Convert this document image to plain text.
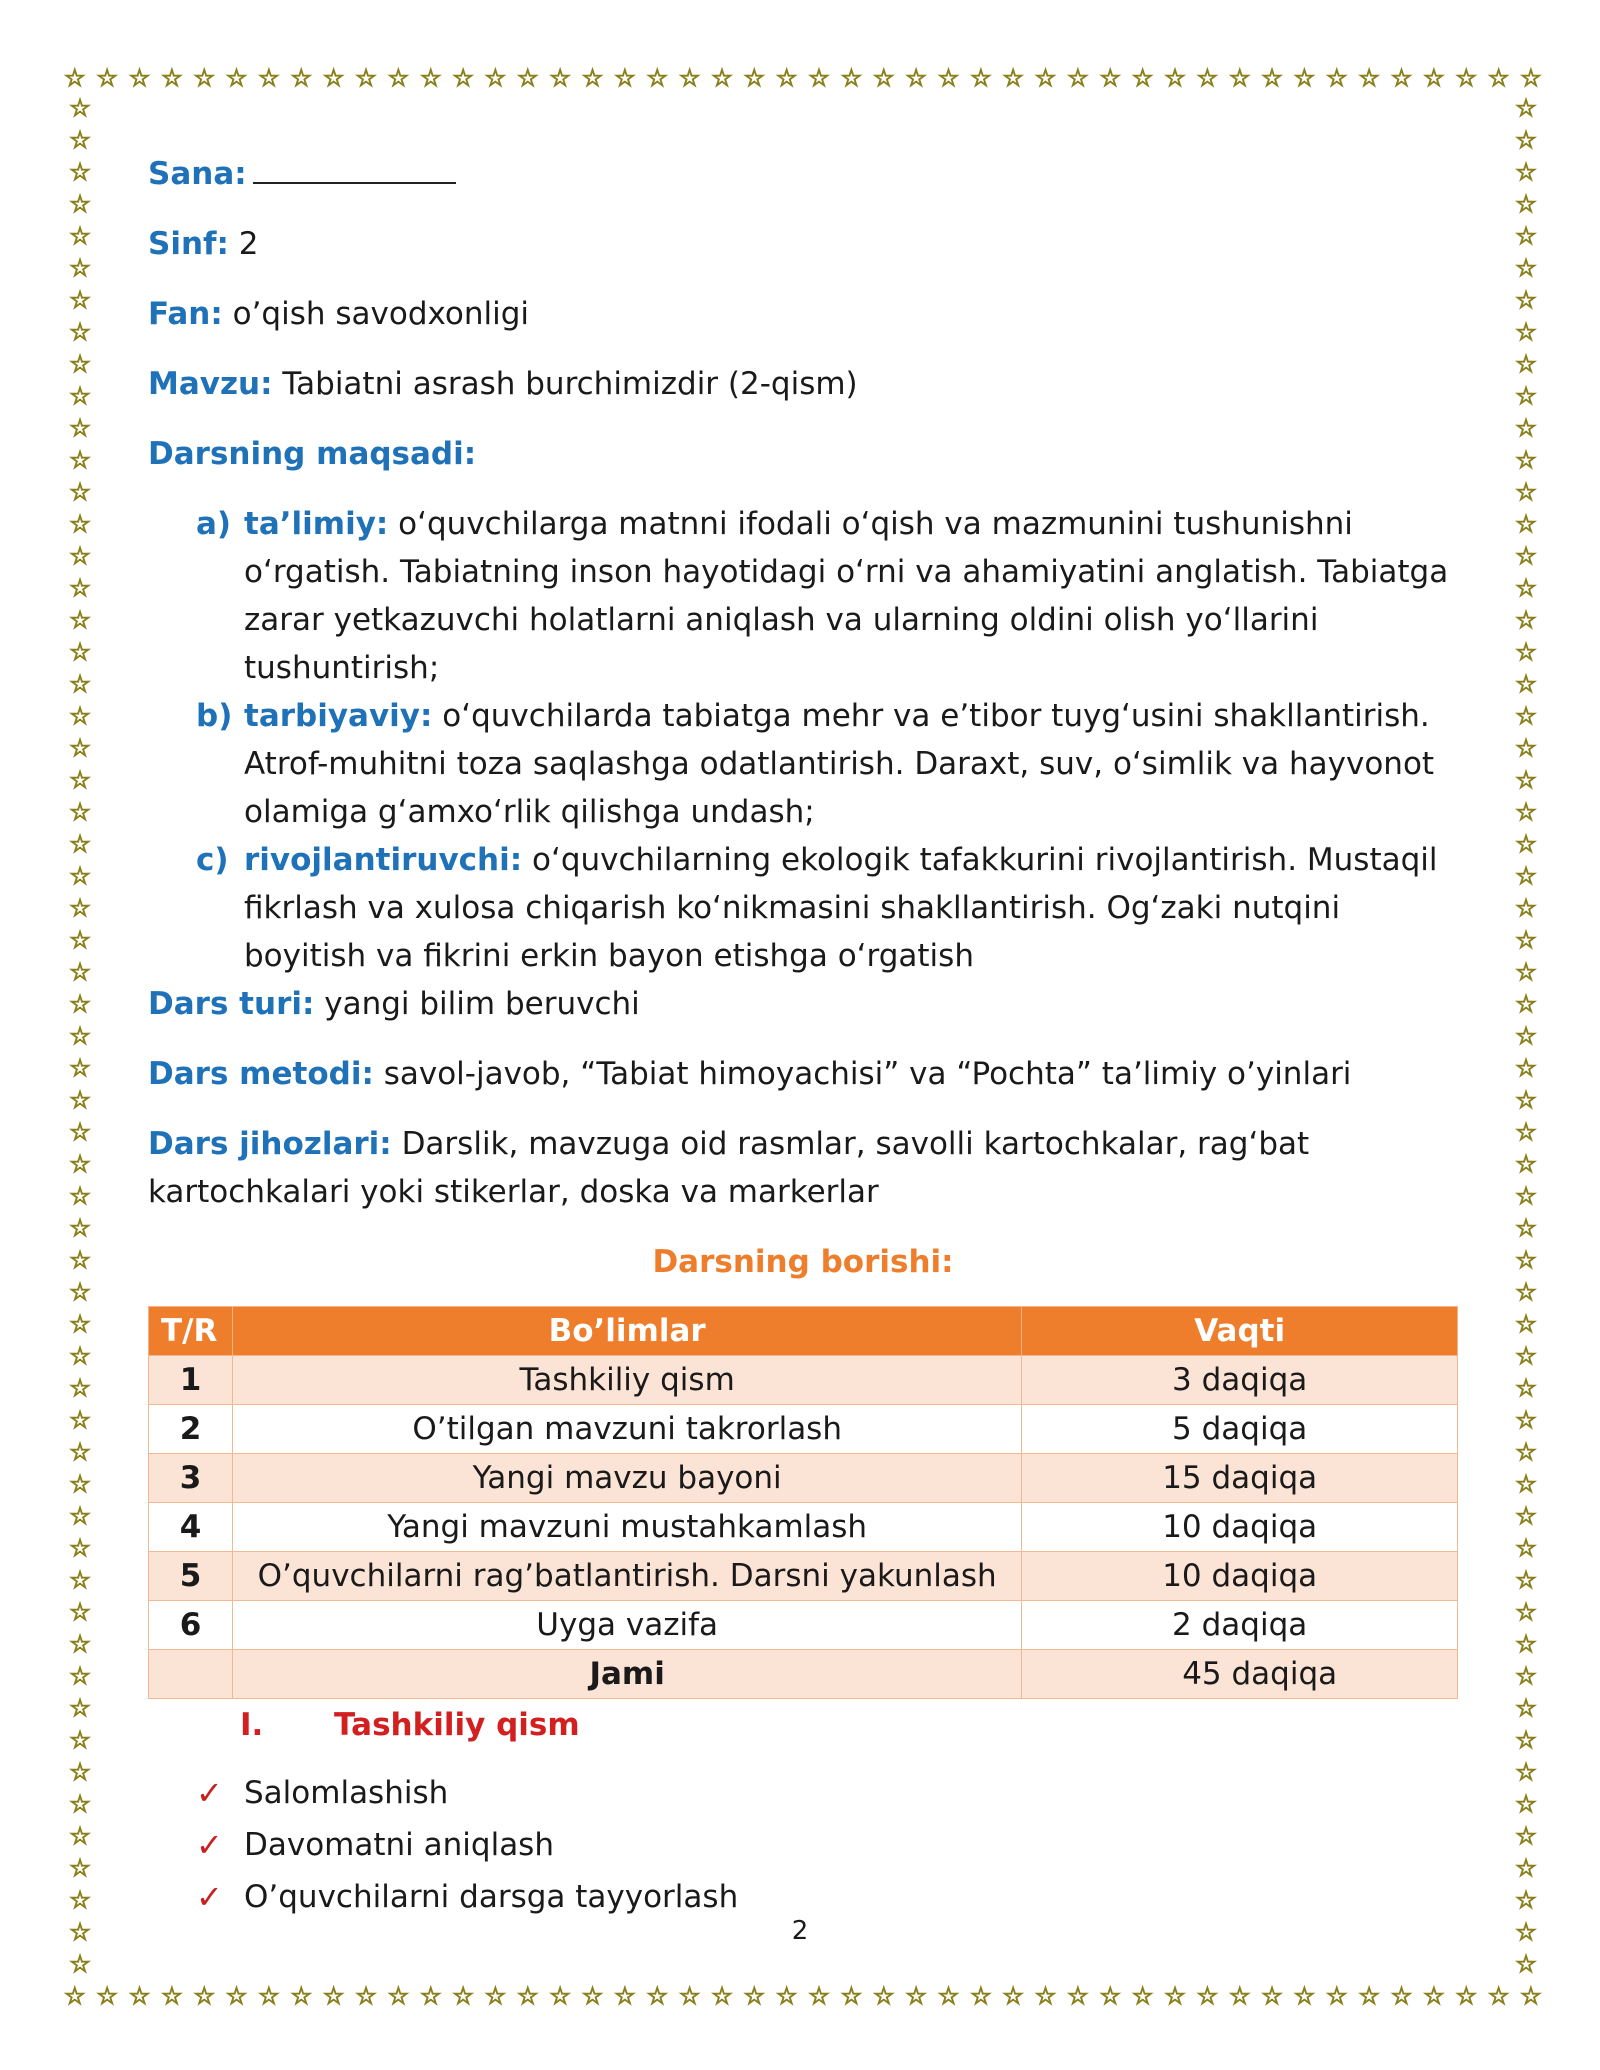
☆ ☆ ☆ ☆ ☆ ☆ ☆ ☆ ☆ ☆ ☆ ☆ ☆ ☆ ☆ ☆ ☆ ☆ ☆ ☆ ☆ ☆ ☆ ☆ ☆ ☆ ☆ ☆ ☆ ☆ ☆ ☆ ☆ ☆ ☆ ☆ ☆ ☆ ☆ ☆ ☆ ☆ ☆ ☆ ☆ ☆
☆ ☆ ☆ ☆ ☆ ☆ ☆ ☆ ☆ ☆ ☆ ☆ ☆ ☆ ☆ ☆ ☆ ☆ ☆ ☆ ☆ ☆ ☆ ☆ ☆ ☆ ☆ ☆ ☆ ☆ ☆ ☆ ☆ ☆ ☆ ☆ ☆ ☆ ☆ ☆ ☆ ☆ ☆ ☆ ☆ ☆
☆
☆
☆
☆
☆
☆
☆
☆
☆
☆
☆
☆
☆
☆
☆
☆
☆
☆
☆
☆
☆
☆
☆
☆
☆
☆
☆
☆
☆
☆
☆
☆
☆
☆
☆
☆
☆
☆
☆
☆
☆
☆
☆
☆
☆
☆
☆
☆
☆
☆
☆
☆
☆
☆
☆
☆
☆
☆
☆
☆
☆
☆
☆
☆
☆
☆
☆
☆
☆
☆
☆
☆
☆
☆
☆
☆
☆
☆
☆
☆
☆
☆
☆
☆
☆
☆
☆
☆
☆
☆
☆
☆
☆
☆
☆
☆
☆
☆
☆
☆
☆
☆
☆
☆
☆
☆
☆
☆
☆
☆
☆
☆
☆
☆
☆
☆
☆
☆
Sana:
Sinf: 2
Fan: o’qish savodxonligi
Mavzu: Tabiatni asrash burchimizdir (2-qism)
Darsning maqsadi:
a) ta’limiy: o‘quvchilarga matnni ifodali o‘qish va mazmunini tushunishni o‘rgatish. Tabiatning inson hayotidagi o‘rni va ahamiyatini anglatish. Tabiatga zarar yetkazuvchi holatlarni aniqlash va ularning oldini olish yo‘llarini tushuntirish;
b) tarbiyaviy: o‘quvchilarda tabiatga mehr va e’tibor tuyg‘usini shakllantirish. Atrof-muhitni toza saqlashga odatlantirish. Daraxt, suv, o‘simlik va hayvonot olamiga g‘amxo‘rlik qilishga undash;
c) rivojlantiruvchi: o‘quvchilarning ekologik tafakkurini rivojlantirish. Mustaqil fikrlash va xulosa chiqarish ko‘nikmasini shakllantirish. Og‘zaki nutqini boyitish va fikrini erkin bayon etishga o‘rgatish
Dars turi: yangi bilim beruvchi
Dars metodi: savol-javob, “Tabiat himoyachisi” va “Pochta” ta’limiy o’yinlari
Dars jihozlari: Darslik, mavzuga oid rasmlar, savolli kartochkalar, rag‘bat kartochkalari yoki stikerlar, doska va markerlar
Darsning borishi:
T/R	Bo’limlar	Vaqti
1	Tashkiliy qism	3 daqiqa
2	O’tilgan mavzuni takrorlash	5 daqiqa
3	Yangi mavzu bayoni	15 daqiqa
4	Yangi mavzuni mustahkamlash	10 daqiqa
5	O’quvchilarni rag’batlantirish. Darsni yakunlash	10 daqiqa
6	Uyga vazifa	2 daqiqa
	Jami	45 daqiqa
I.	Tashkiliy qism
✓ Salomlashish
✓ Davomatni aniqlash
✓ O’quvchilarni darsga tayyorlash
2
